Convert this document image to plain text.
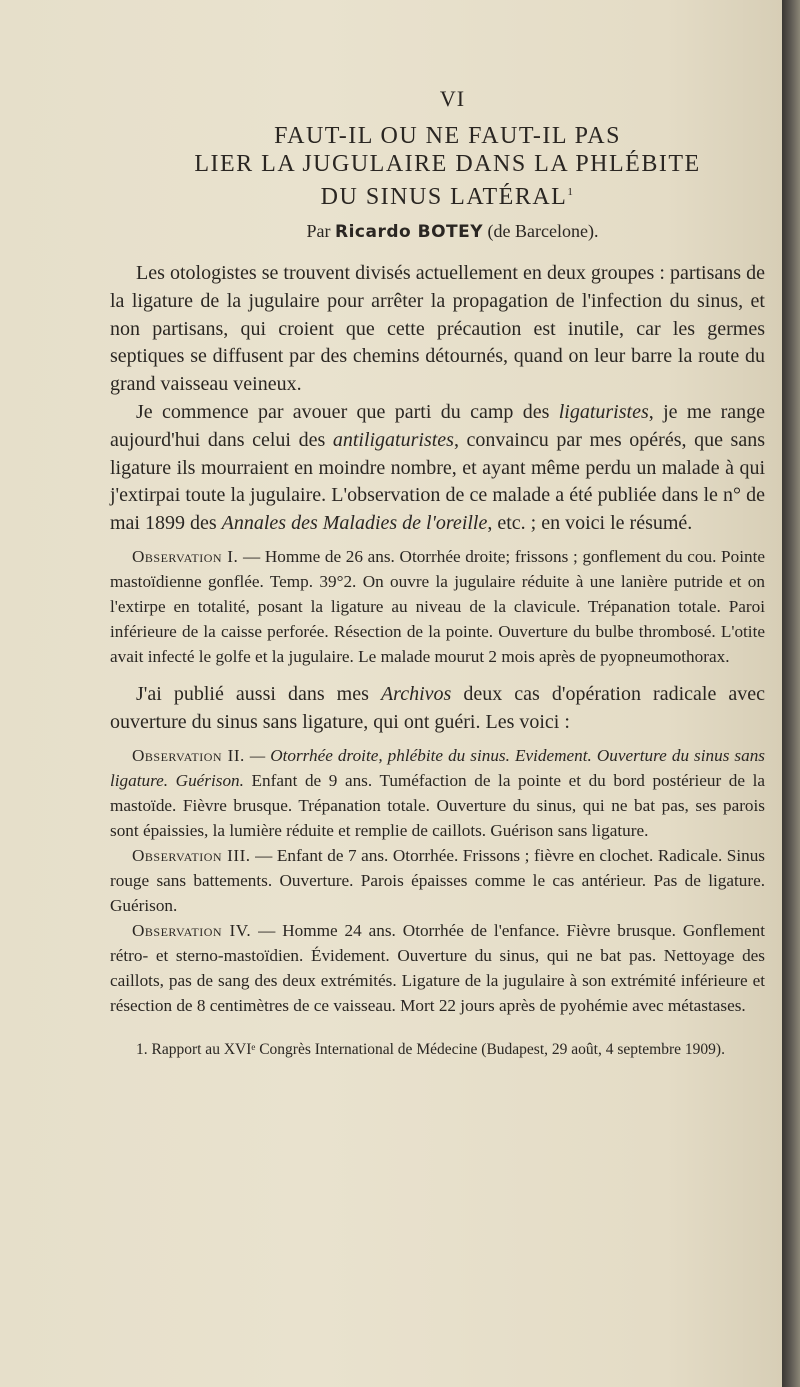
VI
FAUT-IL OU NE FAUT-IL PAS
LIER LA JUGULAIRE DANS LA PHLÉBITE
DU SINUS LATÉRAL$^1$
Par Ricardo BOTEY (de Barcelone).

Les otologistes se trouvent divisés actuellement en deux groupes : partisans de la ligature de la jugulaire pour arrêter la propagation de l'infection du sinus, et non partisans, qui croient que cette précaution est inutile, car les germes septiques se diffusent par des chemins détournés, quand on leur barre la route du grand vaisseau veineux.

Je commence par avouer que parti du camp des ligaturistes, je me range aujourd'hui dans celui des antiligaturistes, convaincu par mes opérés, que sans ligature ils mourraient en moindre nombre, et ayant même perdu un malade à qui j'extirpai toute la jugulaire. L'observation de ce malade a été publiée dans le n° de mai 1899 des Annales des Maladies de l'oreille, etc. ; en voici le résumé.

Observation I. — Homme de 26 ans. Otorrhée droite; frissons ; gonflement du cou. Pointe mastoïdienne gonflée. Temp. 39°2. On ouvre la jugulaire réduite à une lanière putride et on l'extirpe en totalité, posant la ligature au niveau de la clavicule. Trépanation totale. Paroi inférieure de la caisse perforée. Résection de la pointe. Ouverture du bulbe thrombosé. L'otite avait infecté le golfe et la jugulaire. Le malade mourut 2 mois après de pyopneumothorax.

J'ai publié aussi dans mes Archivos deux cas d'opération radicale avec ouverture du sinus sans ligature, qui ont guéri. Les voici :

Observation II. — Otorrhée droite, phlébite du sinus. Evidement. Ouverture du sinus sans ligature. Guérison. Enfant de 9 ans. Tuméfaction de la pointe et du bord postérieur de la mastoïde. Fièvre brusque. Trépanation totale. Ouverture du sinus, qui ne bat pas, ses parois sont épaissies, la lumière réduite et remplie de caillots. Guérison sans ligature.

Observation III. — Enfant de 7 ans. Otorrhée. Frissons ; fièvre en clochet. Radicale. Sinus rouge sans battements. Ouverture. Parois épaisses comme le cas antérieur. Pas de ligature. Guérison.

Observation IV. — Homme 24 ans. Otorrhée de l'enfance. Fièvre brusque. Gonflement rétro- et sterno-mastoïdien. Évidement. Ouverture du sinus, qui ne bat pas. Nettoyage des caillots, pas de sang des deux extrémités. Ligature de la jugulaire à son extrémité inférieure et résection de 8 centimètres de ce vaisseau. Mort 22 jours après de pyohémie avec métastases.

1. Rapport au XVIᵉ Congrès International de Médecine (Budapest, 29 août, 4 septembre 1909).
